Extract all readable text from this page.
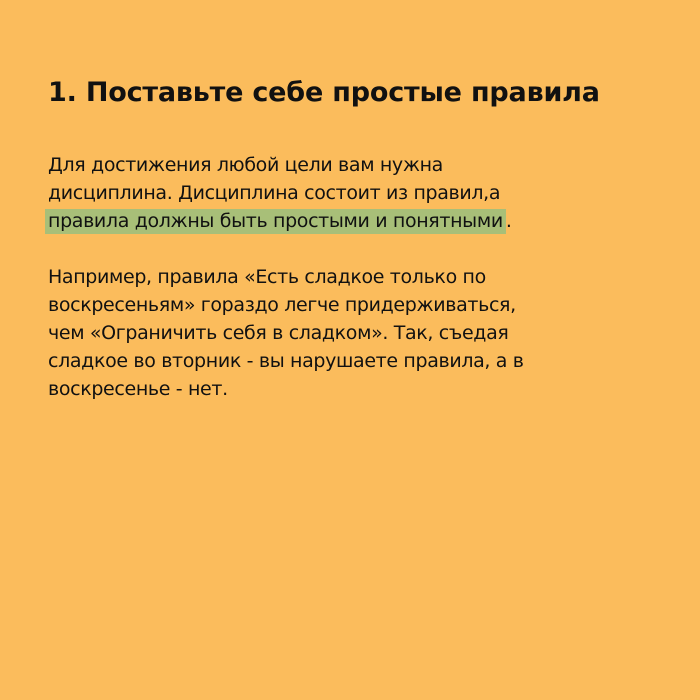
1. Поставьте себе простые правила

Для достижения любой цели вам нужна
дисциплина. Дисциплина состоит из правил,а
правила должны быть простыми и понятными .

Например, правила «Есть сладкое только по
воскресеньям» гораздо легче придерживаться,
чем «Ограничить себя в сладком». Так, съедая
сладкое во вторник - вы нарушаете правила, а в
воскресенье - нет.
